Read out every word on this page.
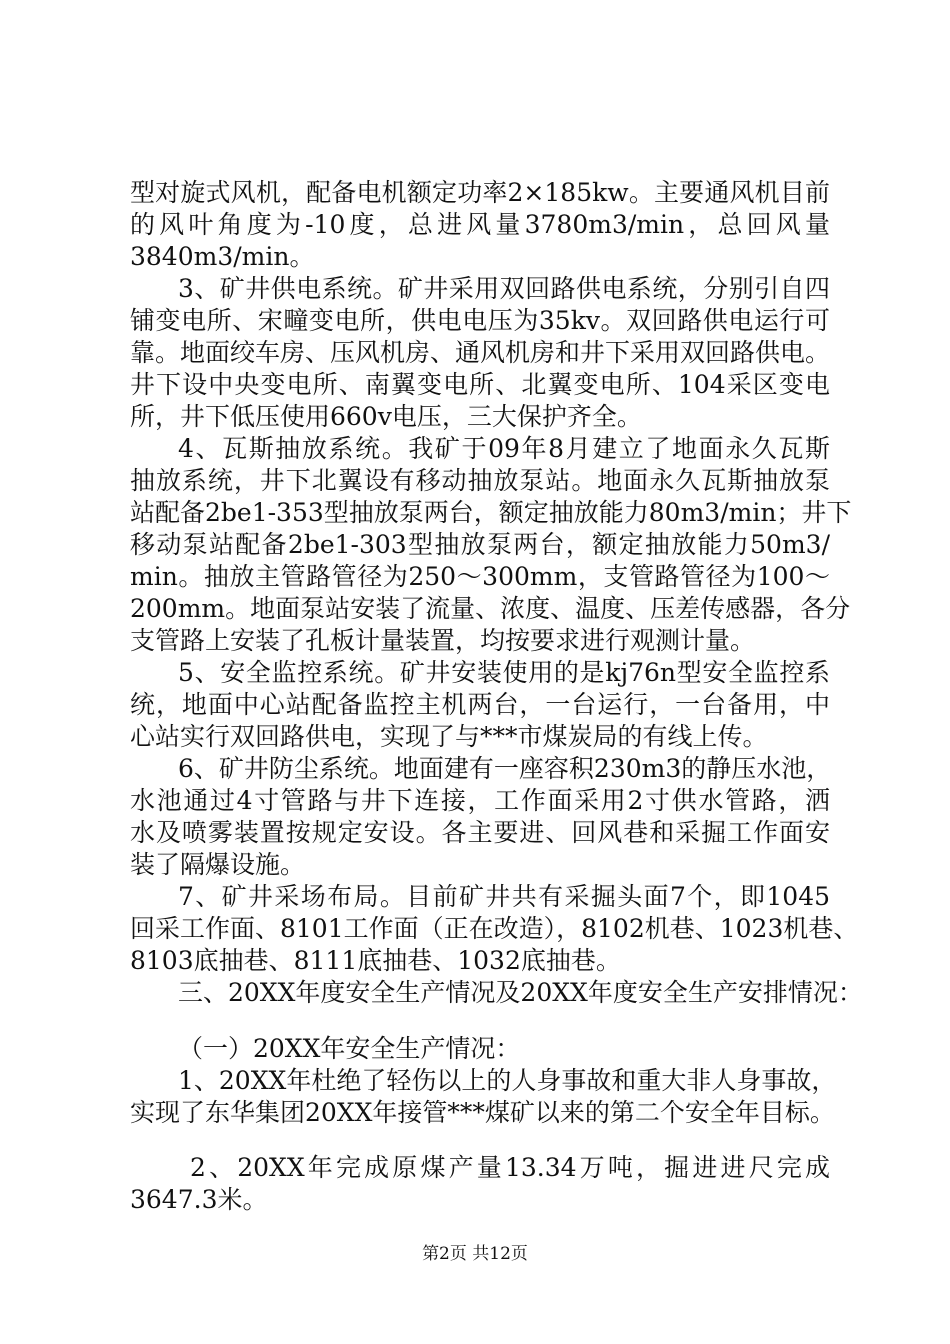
型对旋式风机，配备电机额定功率2×185kw。主要通风机目前
的风叶角度为-10度，总进风量3780m3/min，总回风量
3840m3/min。
3、矿井供电系统。矿井采用双回路供电系统，分别引自四
铺变电所、宋疃变电所，供电电压为35kv。双回路供电运行可
靠。地面绞车房、压风机房、通风机房和井下采用双回路供电。
井下设中央变电所、南翼变电所、北翼变电所、104采区变电
所，井下低压使用660v电压，三大保护齐全。
4、瓦斯抽放系统。我矿于09年8月建立了地面永久瓦斯
抽放系统，井下北翼设有移动抽放泵站。地面永久瓦斯抽放泵
站配备2be1-353型抽放泵两台，额定抽放能力80m3/min；井下
移动泵站配备2be1-303型抽放泵两台，额定抽放能力50m3/
min。抽放主管路管径为250～300mm，支管路管径为100～
200mm。地面泵站安装了流量、浓度、温度、压差传感器，各分
支管路上安装了孔板计量装置，均按要求进行观测计量。
5、安全监控系统。矿井安装使用的是kj76n型安全监控系
统，地面中心站配备监控主机两台，一台运行，一台备用，中
心站实行双回路供电，实现了与***市煤炭局的有线上传。
6、矿井防尘系统。地面建有一座容积230m3的静压水池，
水池通过4寸管路与井下连接，工作面采用2寸供水管路，洒
水及喷雾装置按规定安设。各主要进、回风巷和采掘工作面安
装了隔爆设施。
7、矿井采场布局。目前矿井共有采掘头面7个，即1045
回采工作面、8101工作面（正在改造），8102机巷、1023机巷、
8103底抽巷、8111底抽巷、1032底抽巷。
三、20XX年度安全生产情况及20XX年度安全生产安排情况：
（一）20XX年安全生产情况：
1、20XX年杜绝了轻伤以上的人身事故和重大非人身事故，
实现了东华集团20XX年接管***煤矿以来的第二个安全年目标。
2、20XX年完成原煤产量13.34万吨，掘进进尺完成
3647.3米。
第2页 共12页
